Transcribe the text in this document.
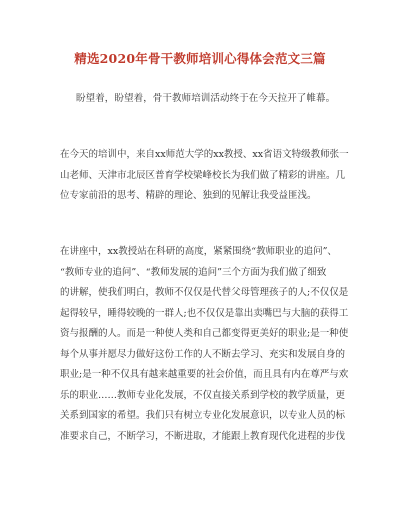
精选2020年骨干教师培训心得体会范文三篇
盼望着，盼望着，骨干教师培训活动终于在今天拉开了帷幕。
在今天的培训中，来自xx师范大学的xx教授、xx省语文特级教师张一
山老师、天津市北辰区普育学校梁峰校长为我们做了精彩的讲座。几
位专家前沿的思考、精辟的理论、独到的见解让我受益匪浅。
在讲座中，xx教授站在科研的高度，紧紧围绕“教师职业的追问”、
“教师专业的追问”、“教师发展的追问”三个方面为我们做了细致
的讲解，使我们明白，教师不仅仅是代替父母管理孩子的人;不仅仅是
起得较早，睡得较晚的一群人;也不仅仅是靠出卖嘴巴与大脑的获得工
资与报酬的人。而是一种使人类和自己都变得更美好的职业;是一种使
每个从事并愿尽力做好这份工作的人不断去学习、充实和发展自身的
职业;是一种不仅具有越来越重要的社会价值，而且具有内在尊严与欢
乐的职业……教师专业化发展，不仅直接关系到学校的教学质量，更
关系到国家的希望。我们只有树立专业化发展意识，以专业人员的标
准要求自己，不断学习，不断进取，才能跟上教育现代化进程的步伐
